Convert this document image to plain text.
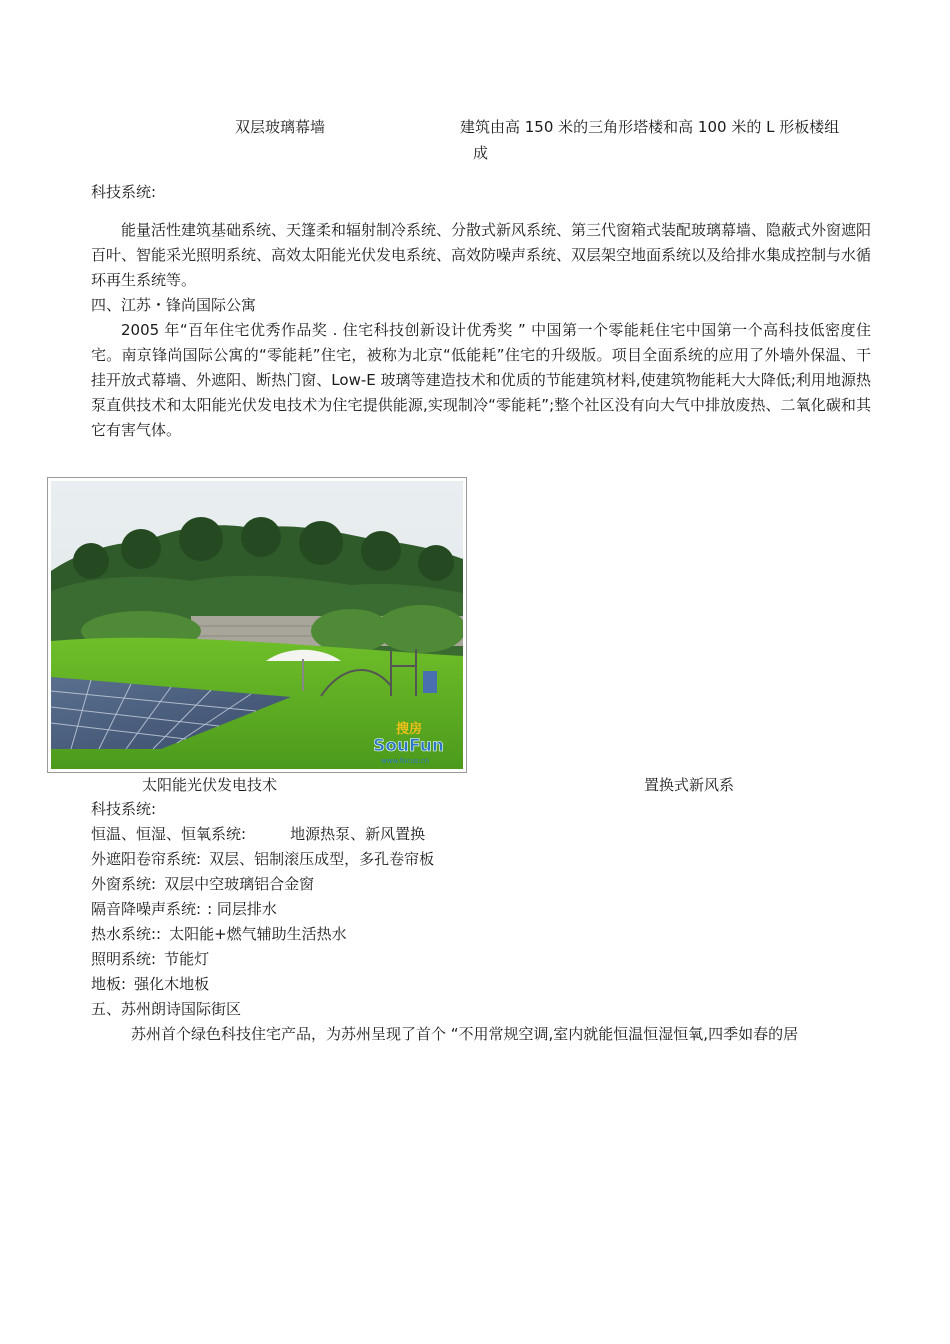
双层玻璃幕墙	建筑由高 150 米的三角形塔楼和高 100 米的 L 形板楼组
成
科技系统:
能量活性建筑基础系统、天篷柔和辐射制冷系统、分散式新风系统、第三代窗箱式装配玻璃幕墙、隐蔽式外窗遮阳百叶、智能采光照明系统、高效太阳能光伏发电系统、高效防噪声系统、双层架空地面系统以及给排水集成控制与水循环再生系统等。
四、江苏・锋尚国际公寓
2005 年“百年住宅优秀作品奖 . 住宅科技创新设计优秀奖 ” 中国第一个零能耗住宅中国第一个高科技低密度住宅。南京锋尚国际公寓的“零能耗”住宅，被称为北京“低能耗”住宅的升级版。项目全面系统的应用了外墙外保温、干挂开放式幕墙、外遮阳、断热门窗、Low-E 玻璃等建造技术和优质的节能建筑材料,使建筑物能耗大大降低;利用地源热泵直供技术和太阳能光伏发电技术为住宅提供能源,实现制冷“零能耗”;整个社区没有向大气中排放废热、二氧化碳和其它有害气体。
搜房
SouFun
www.focus.cn
太阳能光伏发电技术	置换式新风系
科技系统:
恒温、恒湿、恒氧系统:	地源热泵、新风置换
外遮阳卷帘系统: 双层、铝制滚压成型，多孔卷帘板
外窗系统: 双层中空玻璃铝合金窗
隔音降噪声系统: : 同层排水
热水系统:: 太阳能+燃气辅助生活热水
照明系统: 节能灯
地板: 强化木地板
五、苏州朗诗国际街区
苏州首个绿色科技住宅产品，为苏州呈现了首个 “不用常规空调,室内就能恒温恒湿恒氧,四季如春的居
